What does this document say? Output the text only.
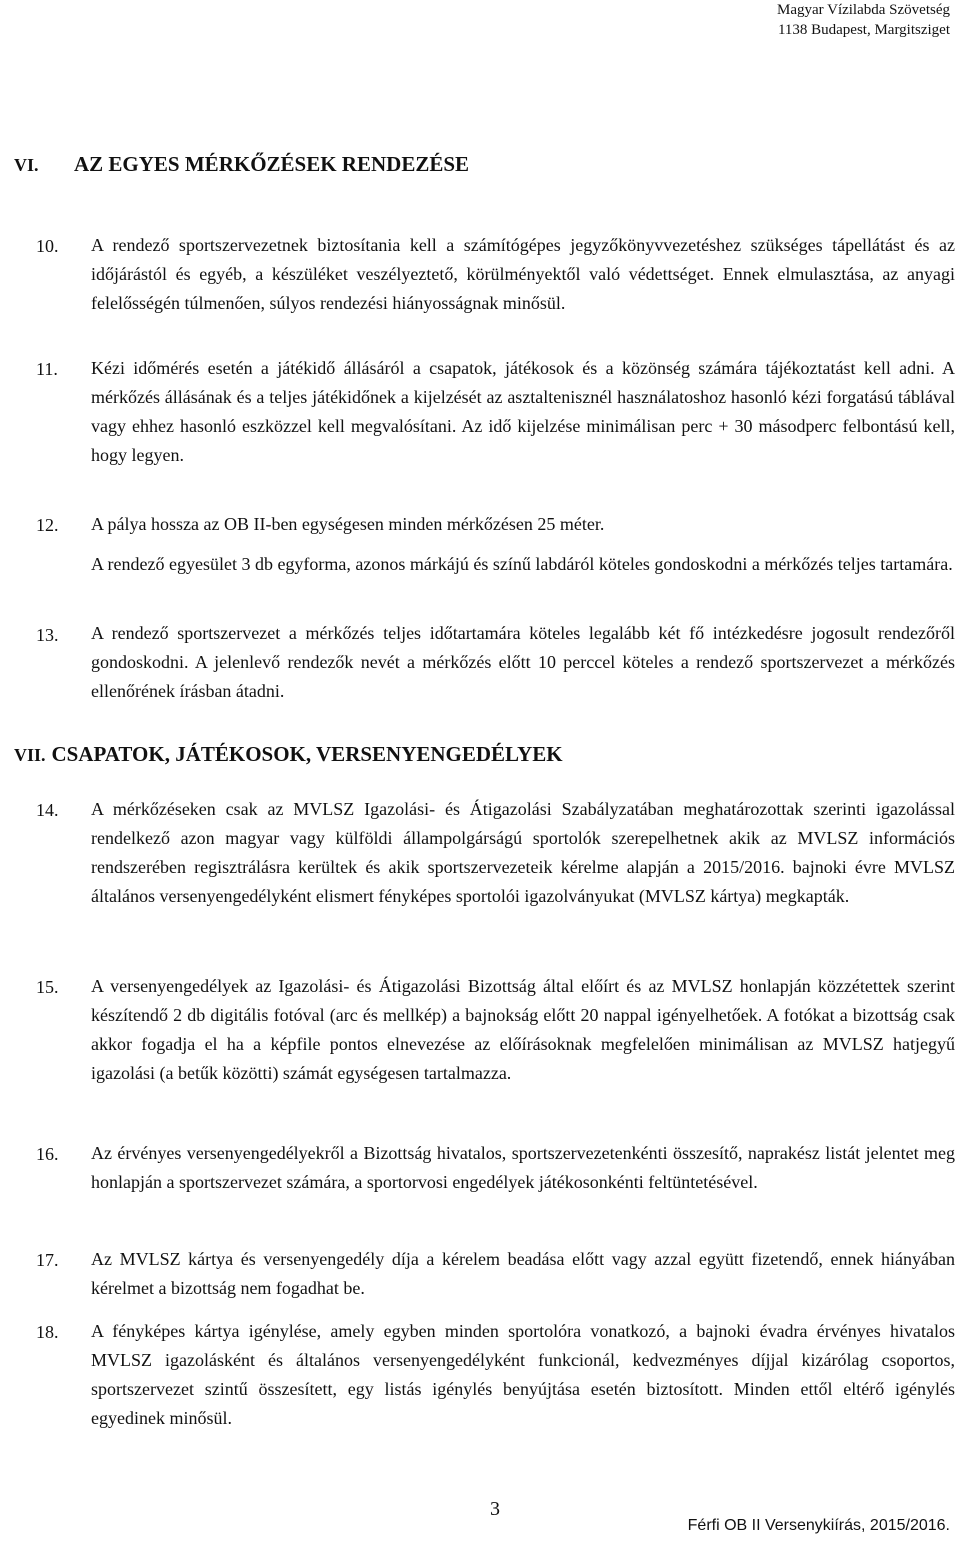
Magyar Vízilabda Szövetség
1138 Budapest, Margitsziget
VI. AZ EGYES MÉRKŐZÉSEK RENDEZÉSE
10. A rendező sportszervezetnek biztosítania kell a számítógépes jegyzőkönyvvezetéshez szükséges tápellátást és az időjárástól és egyéb, a készüléket veszélyeztető, körülményektől való védettséget. Ennek elmulasztása, az anyagi felelősségén túlmenően, súlyos rendezési hiányosságnak minősül.
11. Kézi időmérés esetén a játékidő állásáról a csapatok, játékosok és a közönség számára tájékoztatást kell adni. A mérkőzés állásának és a teljes játékidőnek a kijelzését az asztaltenisznél használatoshoz hasonló kézi forgatású táblával vagy ehhez hasonló eszközzel kell megvalósítani. Az idő kijelzése minimálisan perc + 30 másodperc felbontású kell, hogy legyen.
12. A pálya hossza az OB II-ben egységesen minden mérkőzésen 25 méter.
A rendező egyesület 3 db egyforma, azonos márkájú és színű labdáról köteles gondoskodni a mérkőzés teljes tartamára.
13. A rendező sportszervezet a mérkőzés teljes időtartamára köteles legalább két fő intézkedésre jogosult rendezőről gondoskodni. A jelenlevő rendezők nevét a mérkőzés előtt 10 perccel köteles a rendező sportszervezet a mérkőzés ellenőrének írásban átadni.
VII. CSAPATOK, JÁTÉKOSOK, VERSENYENGEDÉLYEK
14. A mérkőzéseken csak az MVLSZ Igazolási- és Átigazolási Szabályzatában meghatározottak szerinti igazolással rendelkező azon magyar vagy külföldi állampolgárságú sportolók szerepelhetnek akik az MVLSZ információs rendszerében regisztrálásra kerültek és akik sportszervezeteik kérelme alapján a 2015/2016. bajnoki évre MVLSZ általános versenyengedélyként elismert fényképes sportolói igazolványukat (MVLSZ kártya) megkapták.
15. A versenyengedélyek az Igazolási- és Átigazolási Bizottság által előírt és az MVLSZ honlapján közzétettek szerint készítendő 2 db digitális fotóval (arc és mellkép) a bajnokság előtt 20 nappal igényelhetőek. A fotókat a bizottság csak akkor fogadja el ha a képfile pontos elnevezése az előírásoknak megfelelően minimálisan az MVLSZ hatjegyű igazolási (a betűk közötti) számát egységesen tartalmazza.
16. Az érvényes versenyengedélyekről a Bizottság hivatalos, sportszervezetenkénti összesítő, naprakész listát jelentet meg honlapján a sportszervezet számára, a sportorvosi engedélyek játékosonkénti feltüntetésével.
17. Az MVLSZ kártya és versenyengedély díja a kérelem beadása előtt vagy azzal együtt fizetendő, ennek hiányában kérelmet a bizottság nem fogadhat be.
18. A fényképes kártya igénylése, amely egyben minden sportolóra vonatkozó, a bajnoki évadra érvényes hivatalos MVLSZ igazolásként és általános versenyengedélyként funkcionál, kedvezményes díjjal kizárólag csoportos, sportszervezet szintű összesített, egy listás igénylés benyújtása esetén biztosított. Minden ettől eltérő igénylés egyedinek minősül.
3
Férfi OB II Versenykiírás, 2015/2016.
